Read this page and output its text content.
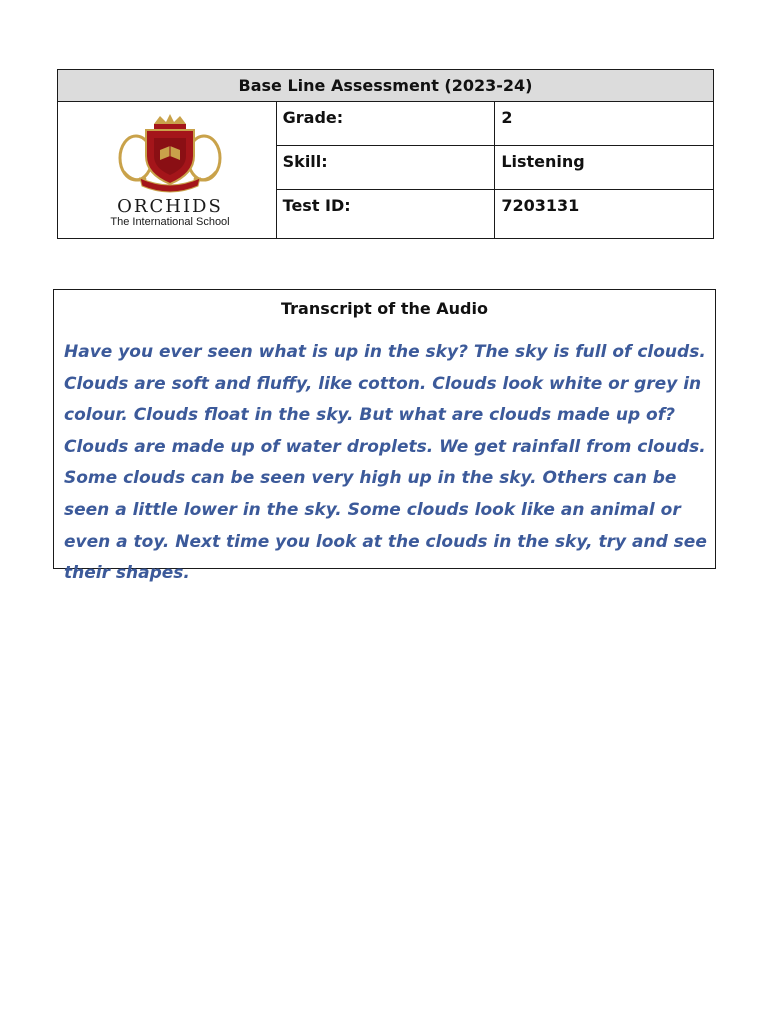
Base Line Assessment (2023-24)		

ORCHIDS
The International School	Grade:	2
	Skill:	Listening
	Test ID:	7203131
Transcript of the Audio

Have you ever seen what is up in the sky? The sky is full of clouds. Clouds are soft and fluffy, like cotton. Clouds look white or grey in colour. Clouds float in the sky. But what are clouds made up of? Clouds are made up of water droplets. We get rainfall from clouds. Some clouds can be seen very high up in the sky. Others can be seen a little lower in the sky. Some clouds look like an animal or even a toy. Next time you look at the clouds in the sky, try and see their shapes.
